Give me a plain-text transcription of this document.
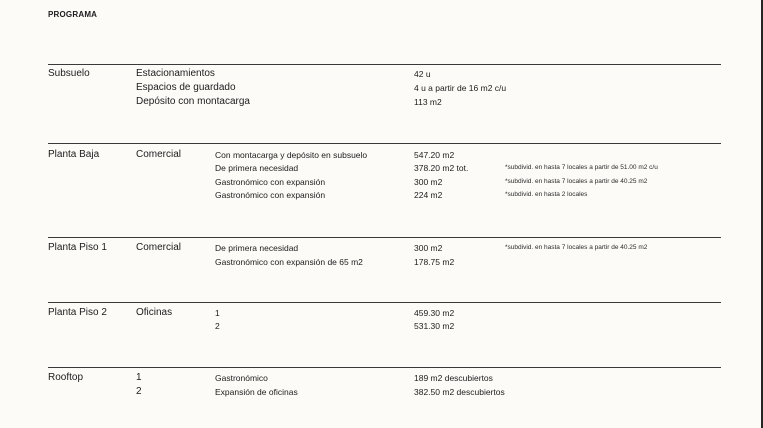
PROGRAMA
Subsuelo	Estacionamientos	42 u
Espacios de guardado	4 u a partir de 16 m2 c/u
Depósito con montacarga	113 m2
Planta Baja	Comercial	Con montacarga y depósito en subsuelo	547.20 m2
De primera necesidad	378.20 m2 tot.	*subdivid. en hasta 7 locales a partir de 51.00 m2 c/u
Gastronómico con expansión	300 m2	*subdivid. en hasta 7 locales a partir de 40.25 m2
Gastronómico con expansión	224 m2	*subdivid. en hasta 2 locales
Planta Piso 1	Comercial	De primera necesidad	300 m2	*subdivid. en hasta 7 locales a partir de 40.25 m2
Gastronómico con expansión de 65 m2	178.75 m2
Planta Piso 2	Oficinas	1	459.30 m2
2	531.30 m2
Rooftop	1	Gastronómico	189 m2 descubiertos
2	Expansión de oficinas	382.50 m2 descubiertos
